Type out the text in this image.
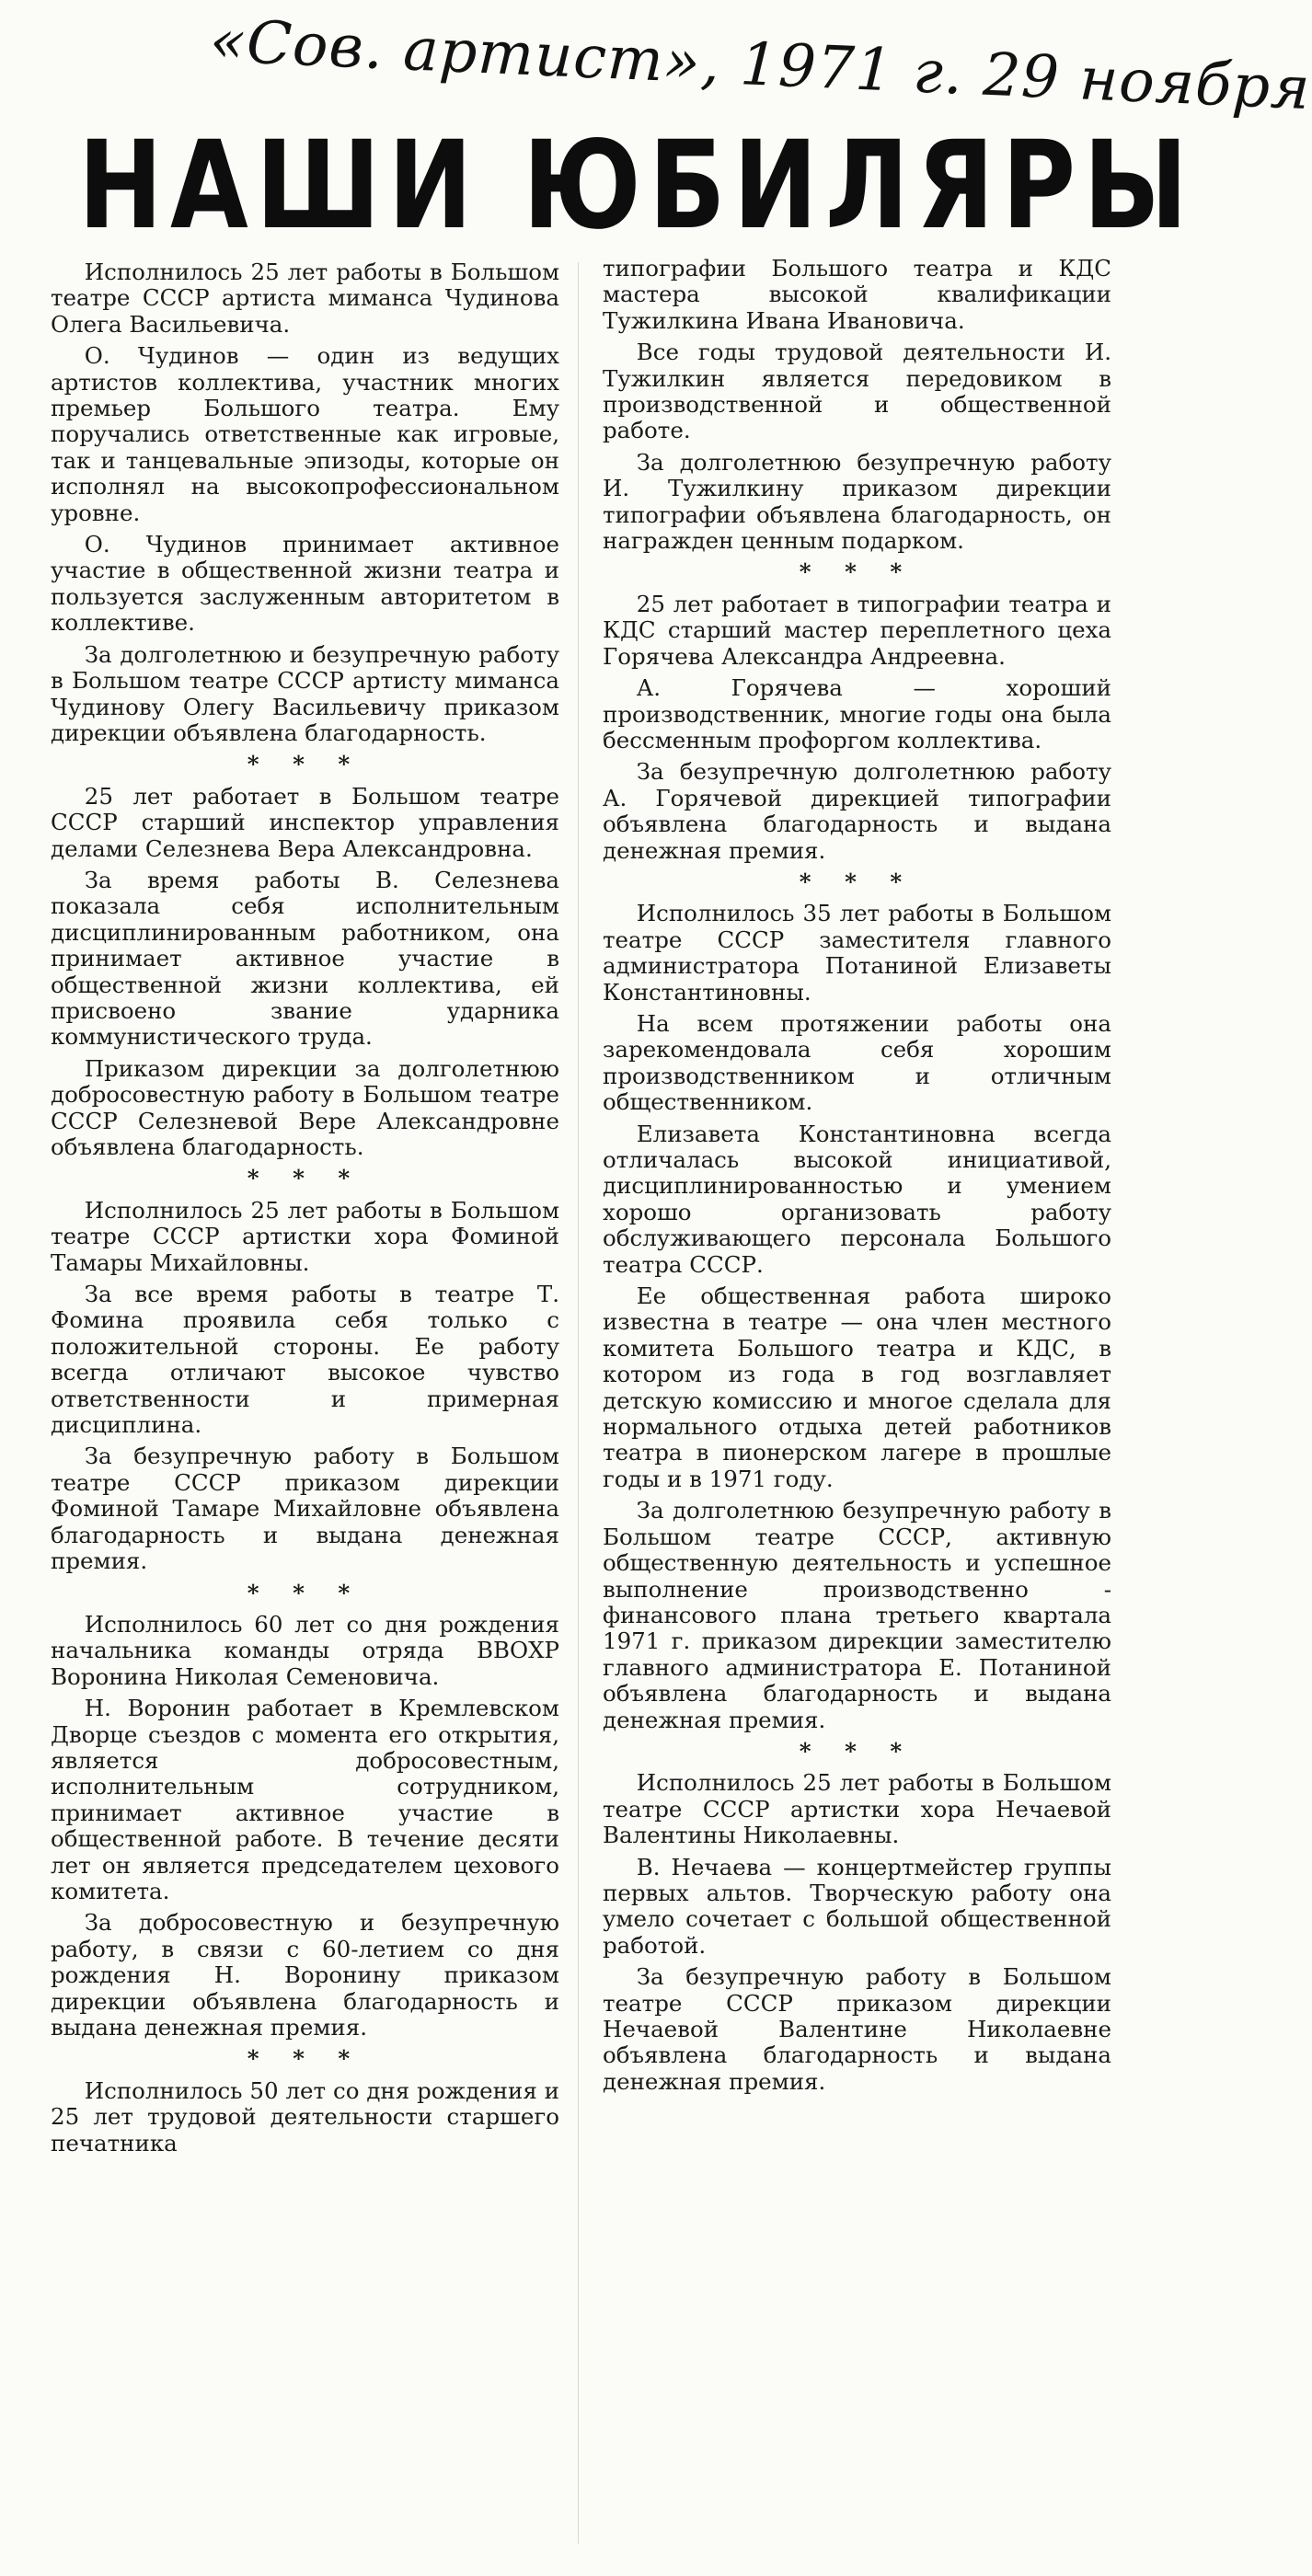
«Сов. артист», 1971 г. 29 ноября
НАШИ ЮБИЛЯРЫ

Исполнилось 25 лет работы в Большом театре СССР артиста миманса Чудинова Олега Васильевича.

О. Чудинов — один из ведущих артистов коллектива, участник многих премьер Большого театра. Ему поручались ответственные как игровые, так и танцевальные эпизоды, которые он исполнял на высокопрофессиональном уровне.

О. Чудинов принимает активное участие в общественной жизни театра и пользуется заслуженным авторитетом в коллективе.

За долголетнюю и безупречную работу в Большом театре СССР артисту миманса Чудинову Олегу Васильевичу приказом дирекции объявлена благодарность.

* * *

25 лет работает в Большом театре СССР старший инспектор управления делами Селезнева Вера Александровна.

За время работы В. Селезнева показала себя исполнительным дисциплинированным работником, она принимает активное участие в общественной жизни коллектива, ей присвоено звание ударника коммунистического труда.

Приказом дирекции за долголетнюю добросовестную работу в Большом театре СССР Селезневой Вере Александровне объявлена благодарность.

* * *

Исполнилось 25 лет работы в Большом театре СССР артистки хора Фоминой Тамары Михайловны.

За все время работы в театре Т. Фомина проявила себя только с положительной стороны. Ее работу всегда отличают высокое чувство ответственности и примерная дисциплина.

За безупречную работу в Большом театре СССР приказом дирекции Фоминой Тамаре Михайловне объявлена благодарность и выдана денежная премия.

* * *

Исполнилось 60 лет со дня рождения начальника команды отряда ВВОХР Воронина Николая Семеновича.

Н. Воронин работает в Кремлевском Дворце съездов с момента его открытия, является добросовестным, исполнительным сотрудником, принимает активное участие в общественной работе. В течение десяти лет он является председателем цехового комитета.

За добросовестную и безупречную работу, в связи с 60-летием со дня рождения Н. Воронину приказом дирекции объявлена благодарность и выдана денежная премия.

* * *

Исполнилось 50 лет со дня рождения и 25 лет трудовой деятельности старшего печатника

типографии Большого театра и КДС мастера высокой квалификации Тужилкина Ивана Ивановича.

Все годы трудовой деятельности И. Тужилкин является передовиком в производственной и общественной работе.

За долголетнюю безупречную работу И. Тужилкину приказом дирекции типографии объявлена благодарность, он награжден ценным подарком.

* * *

25 лет работает в типографии театра и КДС старший мастер переплетного цеха Горячева Александра Андреевна.

А. Горячева — хороший производственник, многие годы она была бессменным профоргом коллектива.

За безупречную долголетнюю работу А. Горячевой дирекцией типографии объявлена благодарность и выдана денежная премия.

* * *

Исполнилось 35 лет работы в Большом театре СССР заместителя главного администратора Потаниной Елизаветы Константиновны.

На всем протяжении работы она зарекомендовала себя хорошим производственником и отличным общественником.

Елизавета Константиновна всегда отличалась высокой инициативой, дисциплинированностью и умением хорошо организовать работу обслуживающего персонала Большого театра СССР.

Ее общественная работа широко известна в театре — она член местного комитета Большого театра и КДС, в котором из года в год возглавляет детскую комиссию и многое сделала для нормального отдыха детей работников театра в пионерском лагере в прошлые годы и в 1971 году.

За долголетнюю безупречную работу в Большом театре СССР, активную общественную деятельность и успешное выполнение производственно - финансового плана третьего квартала 1971 г. приказом дирекции заместителю главного администратора Е. Потаниной объявлена благодарность и выдана денежная премия.

* * *

Исполнилось 25 лет работы в Большом театре СССР артистки хора Нечаевой Валентины Николаевны.

В. Нечаева — концертмейстер группы первых альтов. Творческую работу она умело сочетает с большой общественной работой.

За безупречную работу в Большом театре СССР приказом дирекции Нечаевой Валентине Николаевне объявлена благодарность и выдана денежная премия.
